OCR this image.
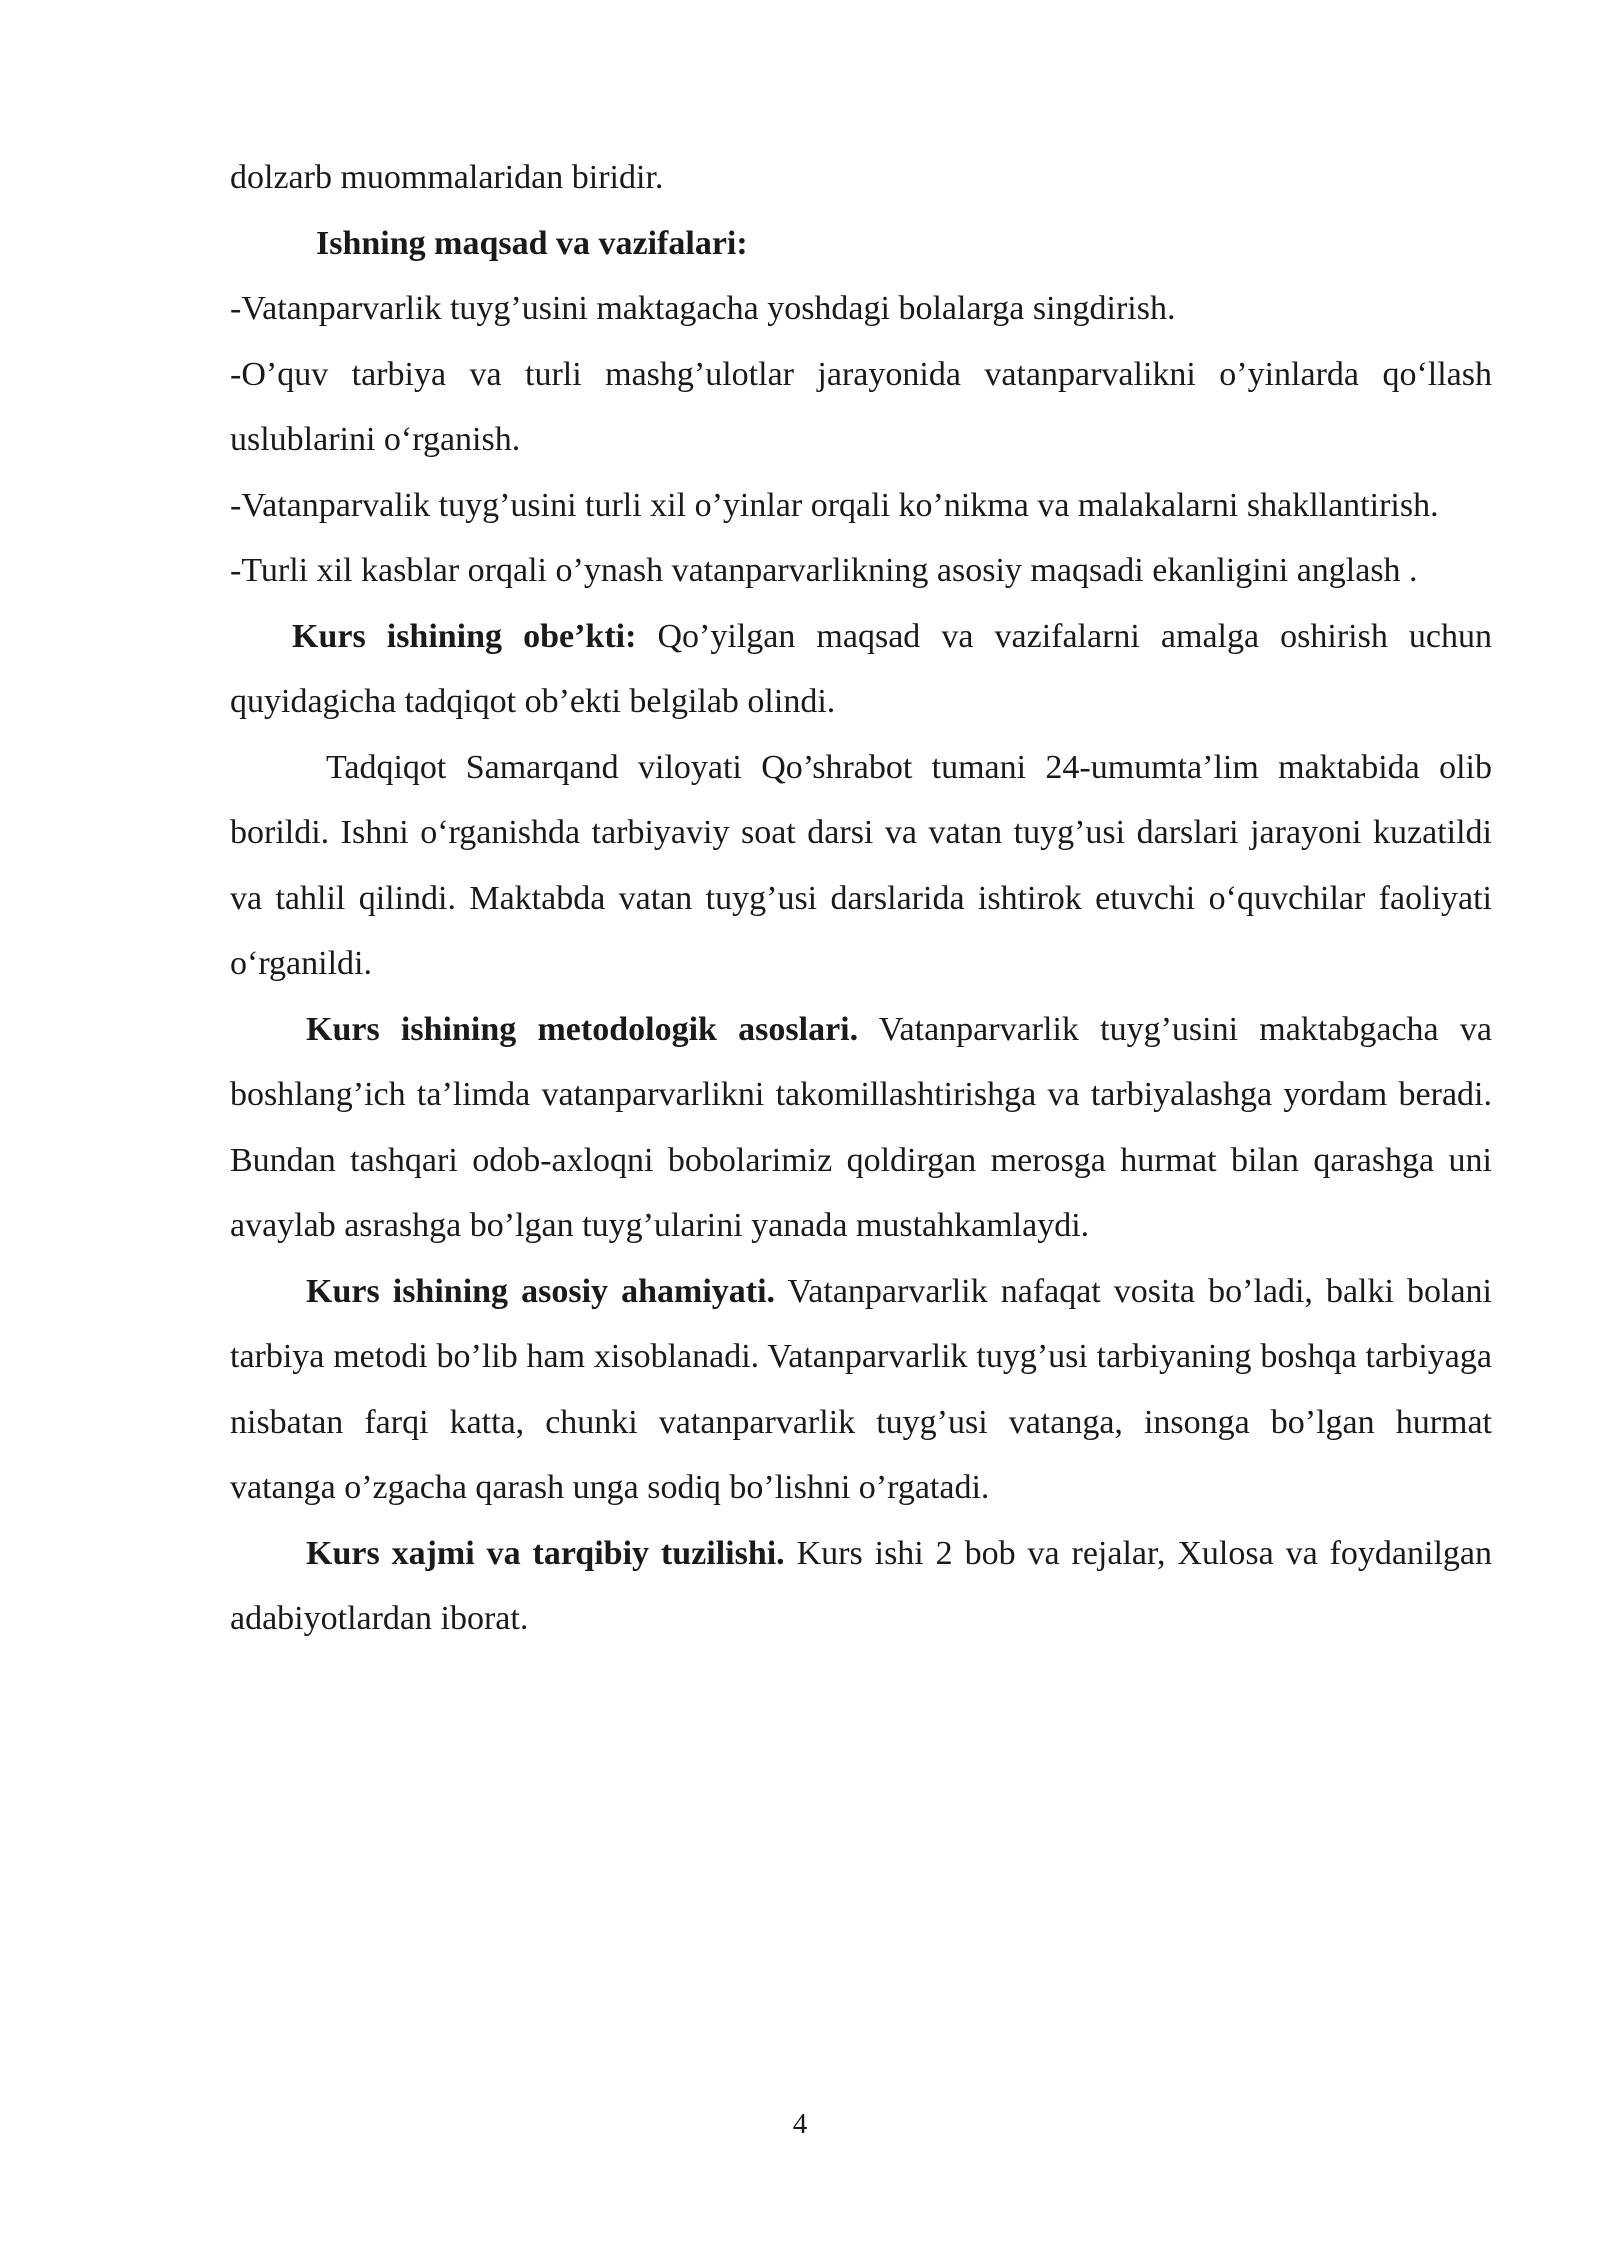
dolzarb muommalaridan biridir.

Ishning maqsad va vazifalari:

-Vatanparvarlik tuyg’usini maktagacha yoshdagi bolalarga singdirish.

-O’quv tarbiya va turli mashg’ulotlar jarayonida vatanparvalikni o’yinlarda qo‘llash uslublarini o‘rganish.

-Vatanparvalik tuyg’usini turli xil o’yinlar orqali ko’nikma va malakalarni shakllantirish.

-Turli xil kasblar orqali o’ynash vatanparvarlikning asosiy maqsadi ekanligini anglash .

Kurs ishining obe’kti: Qo’yilgan maqsad va vazifalarni amalga oshirish uchun quyidagicha tadqiqot ob’ekti belgilab olindi.

Tadqiqot Samarqand viloyati Qo’shrabot tumani 24-umumta’lim maktabida olib borildi. Ishni o‘rganishda tarbiyaviy soat darsi va vatan tuyg’usi darslari jarayoni kuzatildi va tahlil qilindi. Maktabda vatan tuyg’usi darslarida ishtirok etuvchi o‘quvchilar faoliyati o‘rganildi.

Kurs ishining metodologik asoslari. Vatanparvarlik tuyg’usini maktabgacha va boshlang’ich ta’limda vatanparvarlikni takomillashtirishga va tarbiyalashga yordam beradi. Bundan tashqari odob-axloqni bobolarimiz qoldirgan merosga hurmat bilan qarashga uni avaylab asrashga bo’lgan tuyg’ularini yanada mustahkamlaydi.

Kurs ishining asosiy ahamiyati. Vatanparvarlik nafaqat vosita bo’ladi, balki bolani tarbiya metodi bo’lib ham xisoblanadi. Vatanparvarlik tuyg’usi tarbiyaning boshqa tarbiyaga nisbatan farqi katta, chunki vatanparvarlik tuyg’usi vatanga, insonga bo’lgan hurmat vatanga o’zgacha qarash unga sodiq bo’lishni o’rgatadi.

Kurs xajmi va tarqibiy tuzilishi. Kurs ishi 2 bob va rejalar, Xulosa va foydanilgan adabiyotlardan iborat.

4
